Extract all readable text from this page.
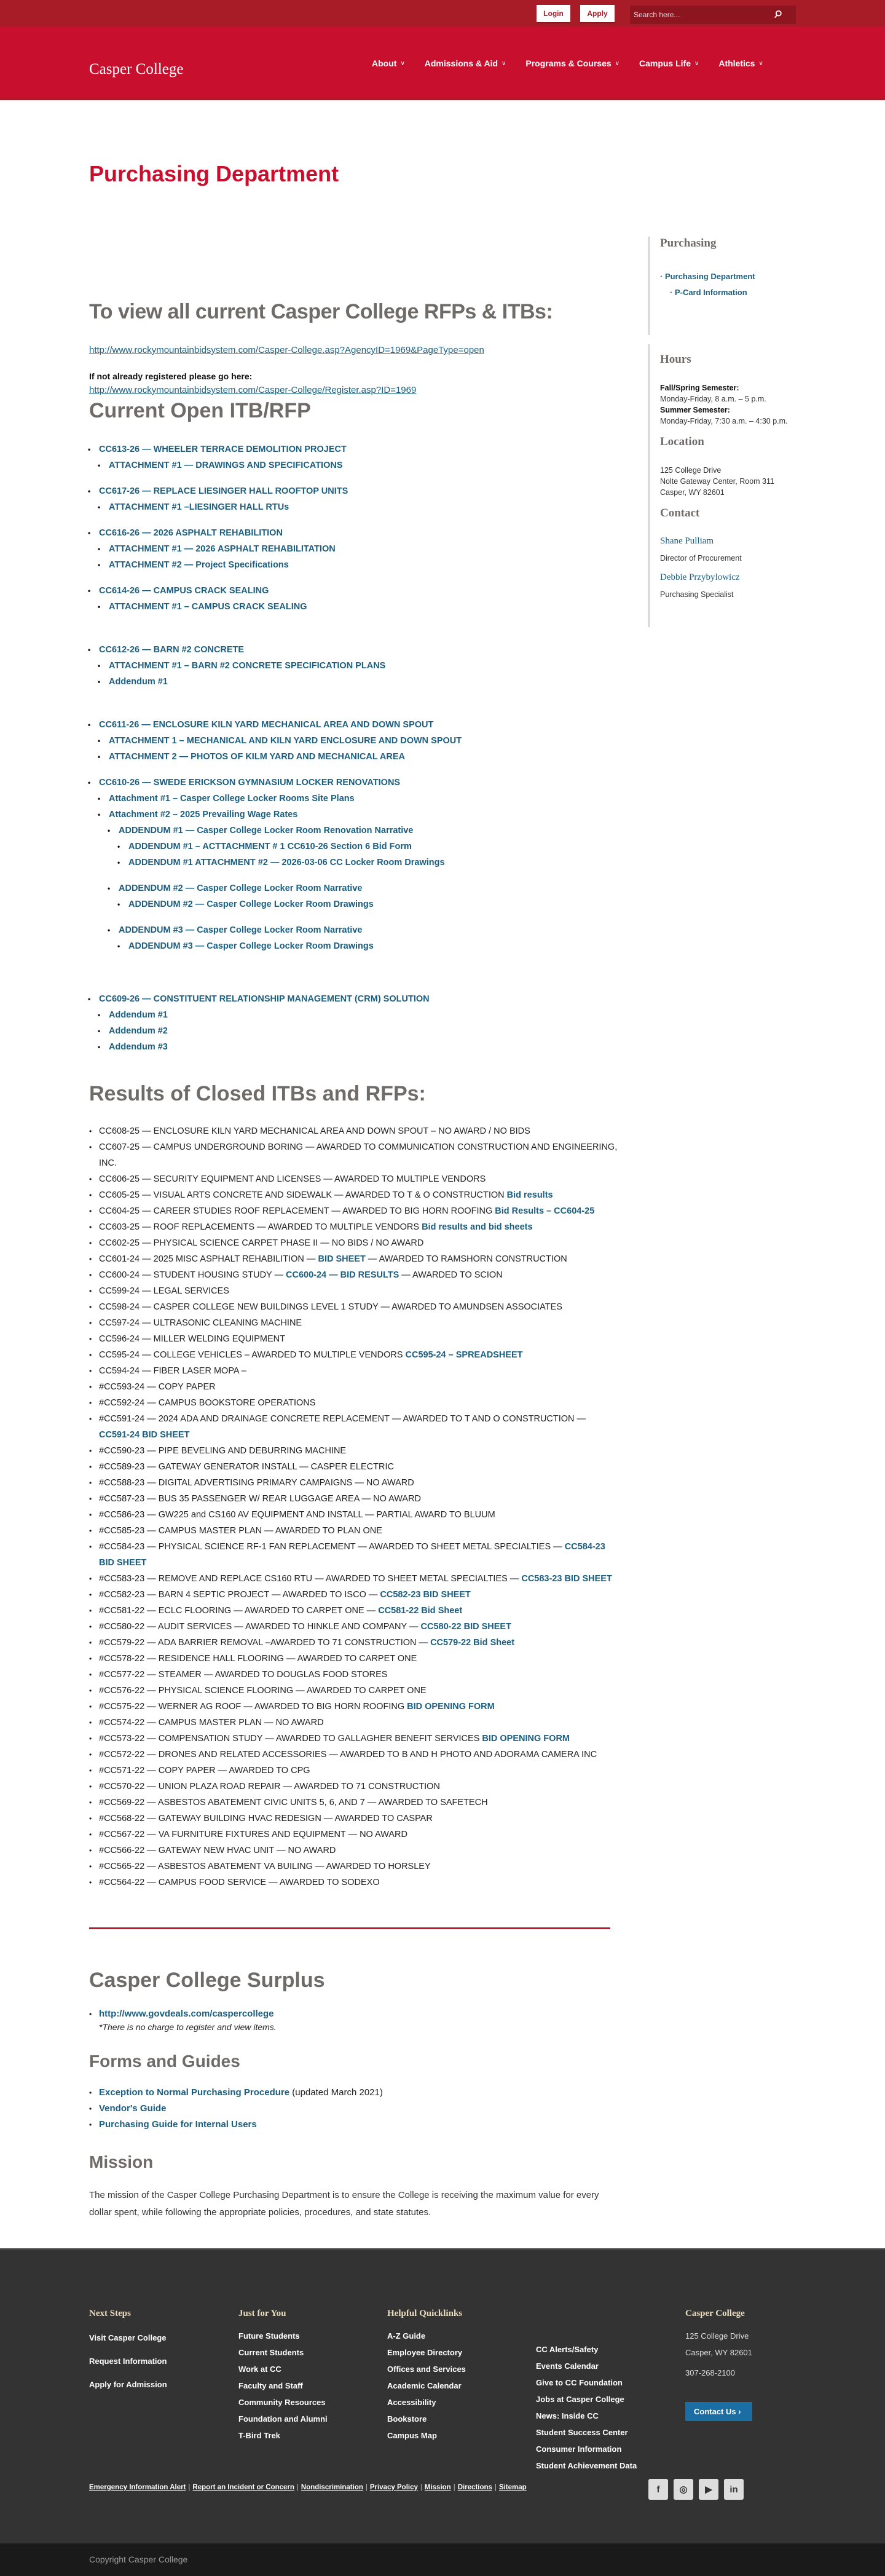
Login	Apply
Search here...
Casper College	About ∨ Admissions & Aid ∨ Programs & Courses ∨ Campus Life ∨ Athletics ∨
Purchasing Department
To view all current Casper College RFPs & ITBs:
http://www.rockymountainbidsystem.com/Casper-College.asp?AgencyID=1969&PageType=open

If not already registered please go here:

http://www.rockymountainbidsystem.com/Casper-College/Register.asp?ID=1969
Current Open ITB/RFP
• CC613-26 — WHEELER TERRACE DEMOLITION PROJECT
• ATTACHMENT #1 — DRAWINGS AND SPECIFICATIONS
• CC617-26 — REPLACE LIESINGER HALL ROOFTOP UNITS
• ATTACHMENT #1 –LIESINGER HALL RTUs
• CC616-26 — 2026 ASPHALT REHABILITION
• ATTACHMENT #1 — 2026 ASPHALT REHABILITATION
• ATTACHMENT #2 — Project Specifications
• CC614-26 — CAMPUS CRACK SEALING
• ATTACHMENT #1 – CAMPUS CRACK SEALING
• CC612-26 — BARN #2 CONCRETE
• ATTACHMENT #1 – BARN #2 CONCRETE SPECIFICATION PLANS
• Addendum #1
• CC611-26 — ENCLOSURE KILN YARD MECHANICAL AREA AND DOWN SPOUT
• ATTACHMENT 1 – MECHANICAL AND KILN YARD ENCLOSURE AND DOWN SPOUT
• ATTACHMENT 2 — PHOTOS OF KILM YARD AND MECHANICAL AREA
• CC610-26 — SWEDE ERICKSON GYMNASIUM LOCKER RENOVATIONS
• Attachment #1 – Casper College Locker Rooms Site Plans
• Attachment #2 – 2025 Prevailing Wage Rates
• ADDENDUM #1 — Casper College Locker Room Renovation Narrative
• ADDENDUM #1 – ACTTACHMENT # 1 CC610-26 Section 6 Bid Form
• ADDENDUM #1 ATTACHMENT #2 — 2026-03-06 CC Locker Room Drawings
• ADDENDUM #2 — Casper College Locker Room Narrative
• ADDENDUM #2 — Casper College Locker Room Drawings
• ADDENDUM #3 — Casper College Locker Room Narrative
• ADDENDUM #3 — Casper College Locker Room Drawings
• CC609-26 — CONSTITUENT RELATIONSHIP MANAGEMENT (CRM) SOLUTION
• Addendum #1
• Addendum #2
• Addendum #3
Results of Closed ITBs and RFPs:
• CC608-25 — ENCLOSURE KILN YARD MECHANICAL AREA AND DOWN SPOUT – NO AWARD / NO BIDS
• CC607-25 — CAMPUS UNDERGROUND BORING — AWARDED TO COMMUNICATION CONSTRUCTION AND ENGINEERING, INC.
• CC606-25 — SECURITY EQUIPMENT AND LICENSES — AWARDED TO MULTIPLE VENDORS
• CC605-25 — VISUAL ARTS CONCRETE AND SIDEWALK — AWARDED TO T & O CONSTRUCTION Bid results
• CC604-25 — CAREER STUDIES ROOF REPLACEMENT — AWARDED TO BIG HORN ROOFING Bid Results – CC604-25
• CC603-25 — ROOF REPLACEMENTS — AWARDED TO MULTIPLE VENDORS Bid results and bid sheets
• CC602-25 — PHYSICAL SCIENCE CARPET PHASE II — NO BIDS / NO AWARD
• CC601-24 — 2025 MISC ASPHALT REHABILITION — BID SHEET — AWARDED TO RAMSHORN CONSTRUCTION
• CC600-24 — STUDENT HOUSING STUDY — CC600-24 — BID RESULTS — AWARDED TO SCION
• CC599-24 — LEGAL SERVICES
• CC598-24 — CASPER COLLEGE NEW BUILDINGS LEVEL 1 STUDY — AWARDED TO AMUNDSEN ASSOCIATES
• CC597-24 — ULTRASONIC CLEANING MACHINE
• CC596-24 — MILLER WELDING EQUIPMENT
• CC595-24 — COLLEGE VEHICLES – AWARDED TO MULTIPLE VENDORS CC595-24 – SPREADSHEET
• CC594-24 — FIBER LASER MOPA –
• #CC593-24 — COPY PAPER
• #CC592-24 — CAMPUS BOOKSTORE OPERATIONS
• #CC591-24 — 2024 ADA AND DRAINAGE CONCRETE REPLACEMENT — AWARDED TO T AND O CONSTRUCTION — CC591-24 BID SHEET
• #CC590-23 — PIPE BEVELING AND DEBURRING MACHINE
• #CC589-23 — GATEWAY GENERATOR INSTALL — CASPER ELECTRIC
• #CC588-23 — DIGITAL ADVERTISING PRIMARY CAMPAIGNS — NO AWARD
• #CC587-23 — BUS 35 PASSENGER W/ REAR LUGGAGE AREA — NO AWARD
• #CC586-23 — GW225 and CS160 AV EQUIPMENT AND INSTALL — PARTIAL AWARD TO BLUUM
• #CC585-23 — CAMPUS MASTER PLAN — AWARDED TO PLAN ONE
• #CC584-23 — PHYSICAL SCIENCE RF-1 FAN REPLACEMENT — AWARDED TO SHEET METAL SPECIALTIES — CC584-23 BID SHEET
• #CC583-23 — REMOVE AND REPLACE CS160 RTU — AWARDED TO SHEET METAL SPECIALTIES — CC583-23 BID SHEET
• #CC582-23 — BARN 4 SEPTIC PROJECT — AWARDED TO ISCO — CC582-23 BID SHEET
• #CC581-22 — ECLC FLOORING — AWARDED TO CARPET ONE — CC581-22 Bid Sheet
• #CC580-22 — AUDIT SERVICES — AWARDED TO HINKLE AND COMPANY — CC580-22 BID SHEET
• #CC579-22 — ADA BARRIER REMOVAL –AWARDED TO 71 CONSTRUCTION — CC579-22 Bid Sheet
• #CC578-22 — RESIDENCE HALL FLOORING — AWARDED TO CARPET ONE
• #CC577-22 — STEAMER — AWARDED TO DOUGLAS FOOD STORES
• #CC576-22 — PHYSICAL SCIENCE FLOORING — AWARDED TO CARPET ONE
• #CC575-22 — WERNER AG ROOF — AWARDED TO BIG HORN ROOFING BID OPENING FORM
• #CC574-22 — CAMPUS MASTER PLAN — NO AWARD
• #CC573-22 — COMPENSATION STUDY — AWARDED TO GALLAGHER BENEFIT SERVICES BID OPENING FORM
• #CC572-22 — DRONES AND RELATED ACCESSORIES — AWARDED TO B AND H PHOTO AND ADORAMA CAMERA INC
• #CC571-22 — COPY PAPER — AWARDED TO CPG
• #CC570-22 — UNION PLAZA ROAD REPAIR — AWARDED TO 71 CONSTRUCTION
• #CC569-22 — ASBESTOS ABATEMENT CIVIC UNITS 5, 6, AND 7 — AWARDED TO SAFETECH
• #CC568-22 — GATEWAY BUILDING HVAC REDESIGN — AWARDED TO CASPAR
• #CC567-22 — VA FURNITURE FIXTURES AND EQUIPMENT — NO AWARD
• #CC566-22 — GATEWAY NEW HVAC UNIT — NO AWARD
• #CC565-22 — ASBESTOS ABATEMENT VA BUILING — AWARDED TO HORSLEY
• #CC564-22 — CAMPUS FOOD SERVICE — AWARDED TO SODEXO
Casper College Surplus
• http://www.govdeals.com/caspercollege

*There is no charge to register and view items.

Forms and Guides
• Exception to Normal Purchasing Procedure (updated March 2021)
• Vendor's Guide
• Purchasing Guide for Internal Users
Mission

The mission of the Casper College Purchasing Department is to ensure the College is receiving the maximum value for every dollar spent, while following the appropriate policies, procedures, and state statutes.

Purchasing
· Purchasing Department
· P-Card Information
Hours
Fall/Spring Semester:
Monday-Friday, 8 a.m. – 5 p.m.
Summer Semester:
Monday-Friday, 7:30 a.m. – 4:30 p.m.
Location
125 College Drive
Nolte Gateway Center, Room 311
Casper, WY 82601
Contact
Shane Pulliam

Director of Procurement

Debbie Przybylowicz

Purchasing Specialist

Next Steps
Visit Casper College
Request Information
Apply for Admission
Just for You
Future Students
Current Students
Work at CC
Faculty and Staff
Community Resources
Foundation and Alumni
T-Bird Trek
Helpful Quicklinks
A-Z Guide
Employee Directory
Offices and Services
Academic Calendar
Accessibility
Bookstore
Campus Map
CC Alerts/Safety
Events Calendar
Give to CC Foundation
Jobs at Casper College
News: Inside CC
Student Success Center
Consumer Information
Student Achievement Data
Casper College
125 College Drive
Casper, WY 82601

307-268-2100

Contact Us ›
Emergency Information Alert | Report an Incident or Concern | Nondiscrimination | Privacy Policy | Mission | Directions | Sitemap	f	◎	▶	in
Copyright Casper College
